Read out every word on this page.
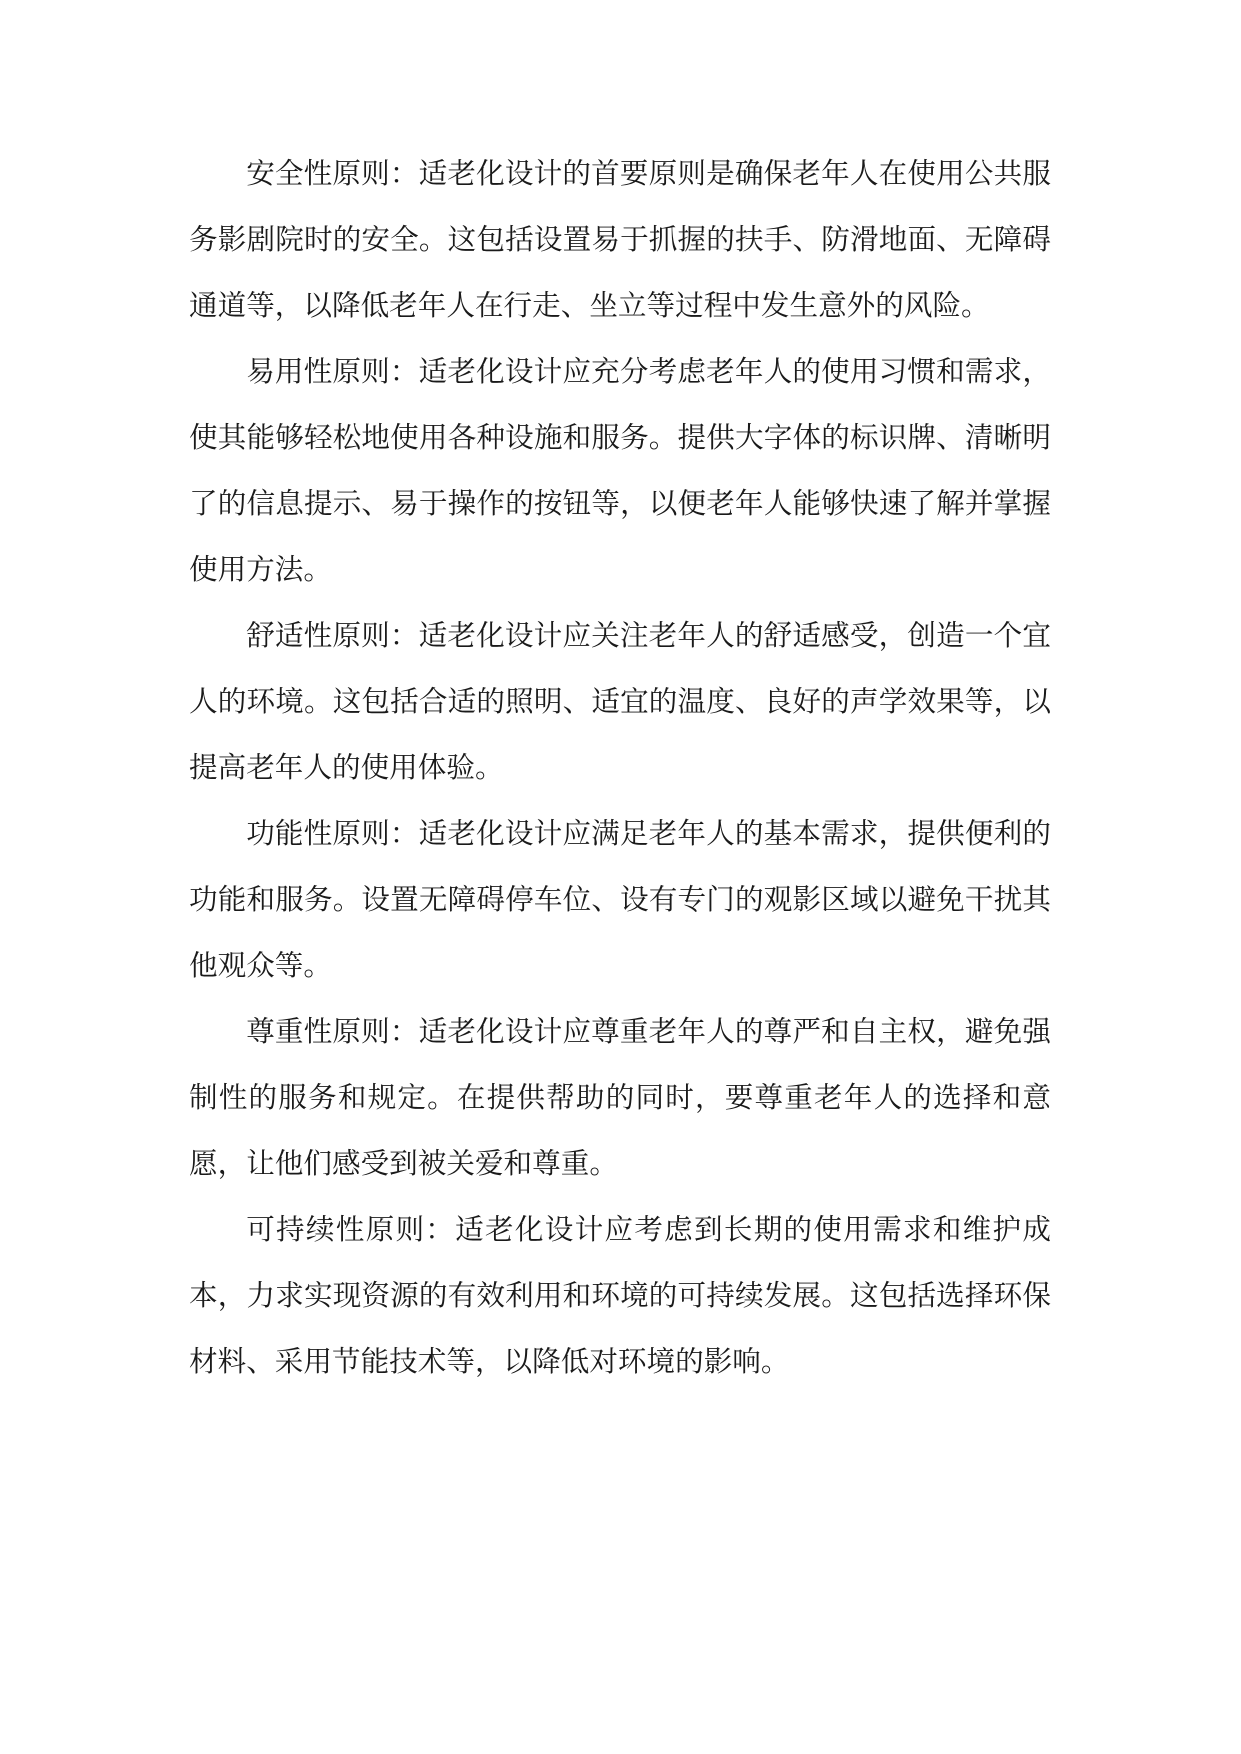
安全性原则：适老化设计的首要原则是确保老年人在使用公共服务影剧院时的安全。这包括设置易于抓握的扶手、防滑地面、无障碍通道等，以降低老年人在行走、坐立等过程中发生意外的风险。

易用性原则：适老化设计应充分考虑老年人的使用习惯和需求，使其能够轻松地使用各种设施和服务。提供大字体的标识牌、清晰明了的信息提示、易于操作的按钮等，以便老年人能够快速了解并掌握使用方法。

舒适性原则：适老化设计应关注老年人的舒适感受，创造一个宜人的环境。这包括合适的照明、适宜的温度、良好的声学效果等，以提高老年人的使用体验。

功能性原则：适老化设计应满足老年人的基本需求，提供便利的功能和服务。设置无障碍停车位、设有专门的观影区域以避免干扰其他观众等。

尊重性原则：适老化设计应尊重老年人的尊严和自主权，避免强制性的服务和规定。在提供帮助的同时，要尊重老年人的选择和意愿，让他们感受到被关爱和尊重。

可持续性原则：适老化设计应考虑到长期的使用需求和维护成本，力求实现资源的有效利用和环境的可持续发展。这包括选择环保材料、采用节能技术等，以降低对环境的影响。
